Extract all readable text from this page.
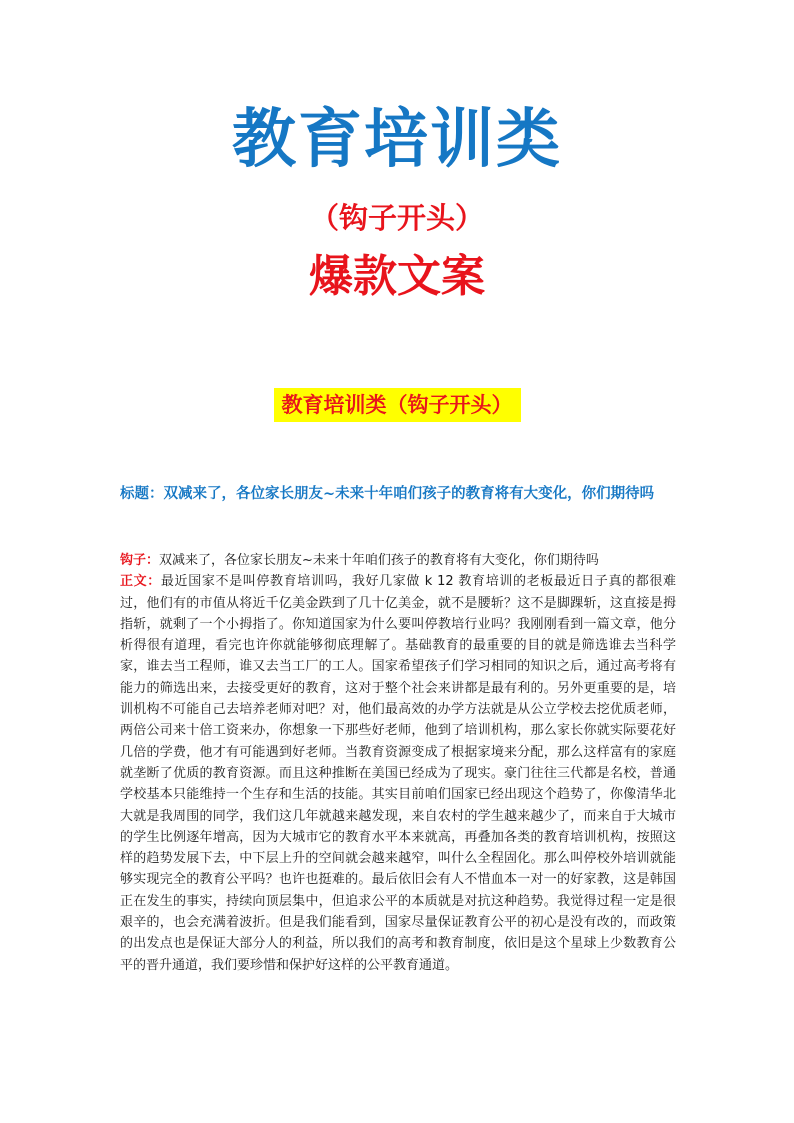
教育培训类
（钩子开头）
爆款文案
教育培训类（钩子开头）
标题：双减来了，各位家长朋友~未来十年咱们孩子的教育将有大变化，你们期待吗
钩子：双减来了，各位家长朋友~未来十年咱们孩子的教育将有大变化，你们期待吗
正文：最近国家不是叫停教育培训吗，我好几家做 k 12 教育培训的老板最近日子真的都很难过，他们有的市值从将近千亿美金跌到了几十亿美金，就不是腰斩？这不是脚踝斩，这直接是拇指斩，就剩了一个小拇指了。你知道国家为什么要叫停教培行业吗？我刚刚看到一篇文章，他分析得很有道理，看完也许你就能够彻底理解了。基础教育的最重要的目的就是筛选谁去当科学家，谁去当工程师，谁又去当工厂的工人。国家希望孩子们学习相同的知识之后，通过高考将有能力的筛选出来，去接受更好的教育，这对于整个社会来讲都是最有利的。另外更重要的是，培训机构不可能自己去培养老师对吧？对，他们最高效的办学方法就是从公立学校去挖优质老师，两倍公司来十倍工资来办，你想象一下那些好老师，他到了培训机构，那么家长你就实际要花好几倍的学费，他才有可能遇到好老师。当教育资源变成了根据家境来分配，那么这样富有的家庭就垄断了优质的教育资源。而且这种推断在美国已经成为了现实。豪门往往三代都是名校，普通学校基本只能维持一个生存和生活的技能。其实目前咱们国家已经出现这个趋势了，你像清华北大就是我周围的同学，我们这几年就越来越发现，来自农村的学生越来越少了，而来自于大城市的学生比例逐年增高，因为大城市它的教育水平本来就高，再叠加各类的教育培训机构，按照这样的趋势发展下去，中下层上升的空间就会越来越窄，叫什么全程固化。那么叫停校外培训就能够实现完全的教育公平吗？也许也挺难的。最后依旧会有人不惜血本一对一的好家教，这是韩国正在发生的事实，持续向顶层集中，但追求公平的本质就是对抗这种趋势。我觉得过程一定是很艰辛的，也会充满着波折。但是我们能看到，国家尽量保证教育公平的初心是没有改的，而政策的出发点也是保证大部分人的利益，所以我们的高考和教育制度，依旧是这个星球上少数教育公平的晋升通道，我们要珍惜和保护好这样的公平教育通道。
